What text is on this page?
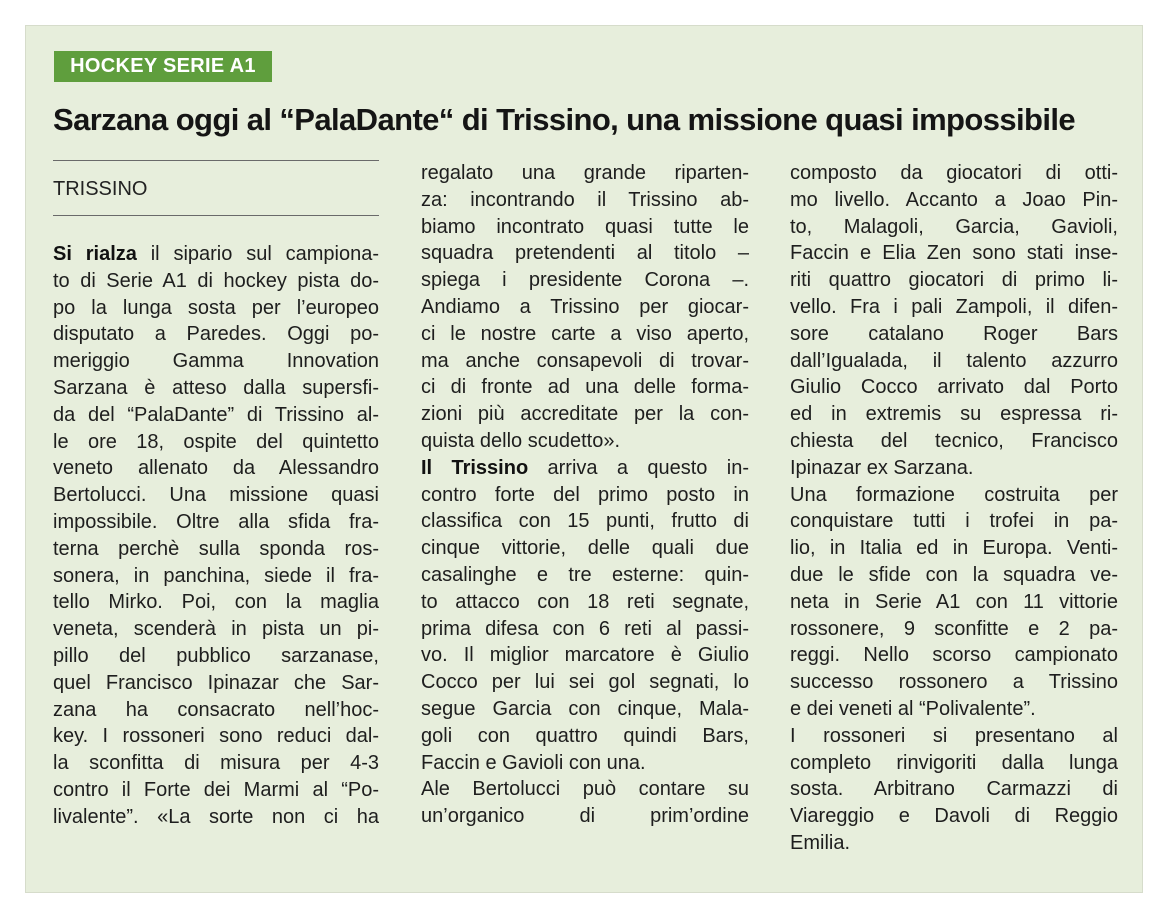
HOCKEY SERIE A1
Sarzana oggi al “PalaDante“ di Trissino, una missione quasi impossibile
TRISSINO
Si rialza il sipario sul campiona-
to di Serie A1 di hockey pista do-
po la lunga sosta per l’europeo
disputato a Paredes. Oggi po-
meriggio Gamma Innovation
Sarzana è atteso dalla supersfi-
da del “PalaDante” di Trissino al-
le ore 18, ospite del quintetto
veneto allenato da Alessandro
Bertolucci. Una missione quasi
impossibile. Oltre alla sfida fra-
terna perchè sulla sponda ros-
sonera, in panchina, siede il fra-
tello Mirko. Poi, con la maglia
veneta, scenderà in pista un pi-
pillo del pubblico sarzanase,
quel Francisco Ipinazar che Sar-
zana ha consacrato nell’hoc-
key. I rossoneri sono reduci dal-
la sconfitta di misura per 4-3
contro il Forte dei Marmi al “Po-
livalente”. «La sorte non ci ha
regalato una grande riparten-
za: incontrando il Trissino ab-
biamo incontrato quasi tutte le
squadra pretendenti al titolo –
spiega i presidente Corona –.
Andiamo a Trissino per giocar-
ci le nostre carte a viso aperto,
ma anche consapevoli di trovar-
ci di fronte ad una delle forma-
zioni più accreditate per la con-
quista dello scudetto».
Il Trissino arriva a questo in-
contro forte del primo posto in
classifica con 15 punti, frutto di
cinque vittorie, delle quali due
casalinghe e tre esterne: quin-
to attacco con 18 reti segnate,
prima difesa con 6 reti al passi-
vo. Il miglior marcatore è Giulio
Cocco per lui sei gol segnati, lo
segue Garcia con cinque, Mala-
goli con quattro quindi Bars,
Faccin e Gavioli con una.
Ale Bertolucci può contare su
un’organico di prim’ordine
composto da giocatori di otti-
mo livello. Accanto a Joao Pin-
to, Malagoli, Garcia, Gavioli,
Faccin e Elia Zen sono stati inse-
riti quattro giocatori di primo li-
vello. Fra i pali Zampoli, il difen-
sore catalano Roger Bars
dall’Igualada, il talento azzurro
Giulio Cocco arrivato dal Porto
ed in extremis su espressa ri-
chiesta del tecnico, Francisco
Ipinazar ex Sarzana.
Una formazione costruita per
conquistare tutti i trofei in pa-
lio, in Italia ed in Europa. Venti-
due le sfide con la squadra ve-
neta in Serie A1 con 11 vittorie
rossonere, 9 sconfitte e 2 pa-
reggi. Nello scorso campionato
successo rossonero a Trissino
e dei veneti al “Polivalente”.
I rossoneri si presentano al
completo rinvigoriti dalla lunga
sosta. Arbitrano Carmazzi di
Viareggio e Davoli di Reggio
Emilia.
